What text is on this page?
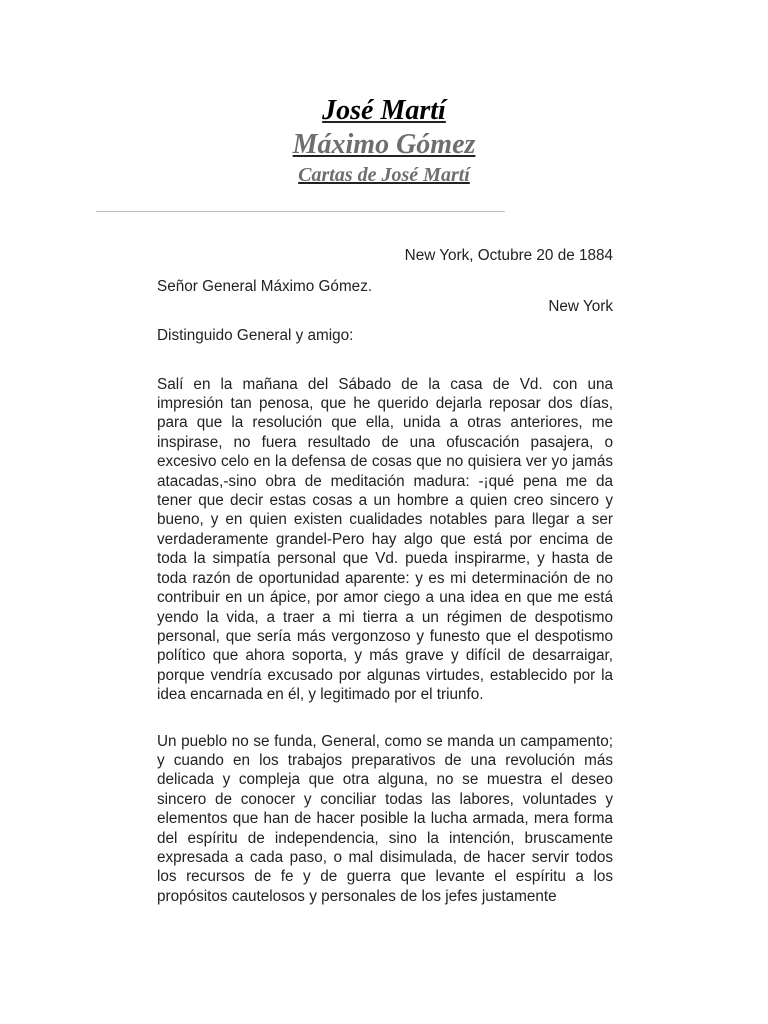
José Martí

Máximo Gómez

Cartas de José Martí

New York, Octubre 20 de 1884

Señor General Máximo Gómez.

New York

Distinguido General y amigo:

Salí en la mañana del Sábado de la casa de Vd. con una impresión tan penosa, que he querido dejarla reposar dos días, para que la resolución que ella, unida a otras anteriores, me inspirase, no fuera resultado de una ofuscación pasajera, o excesivo celo en la defensa de cosas que no quisiera ver yo jamás atacadas,-sino obra de meditación madura: -¡qué pena me da tener que decir estas cosas a un hombre a quien creo sincero y bueno, y en quien existen cualidades notables para llegar a ser verdaderamente grandel-Pero hay algo que está por encima de toda la simpatía personal que Vd. pueda inspirarme, y hasta de toda razón de oportunidad aparente: y es mi determinación de no contribuir en un ápice, por amor ciego a una idea en que me está yendo la vida, a traer a mi tierra a un régimen de despotismo personal, que sería más vergonzoso y funesto que el despotismo político que ahora soporta, y más grave y difícil de desarraigar, porque vendría excusado por algunas virtudes, establecido por la idea encarnada en él, y legitimado por el triunfo.

Un pueblo no se funda, General, como se manda un campamento; y cuando en los trabajos preparativos de una revolución más delicada y compleja que otra alguna, no se muestra el deseo sincero de conocer y conciliar todas las labores, voluntades y elementos que han de hacer posible la lucha armada, mera forma del espíritu de independencia, sino la intención, bruscamente expresada a cada paso, o mal disimulada, de hacer servir todos los recursos de fe y de guerra que levante el espíritu a los propósitos cautelosos y personales de los jefes justamente
